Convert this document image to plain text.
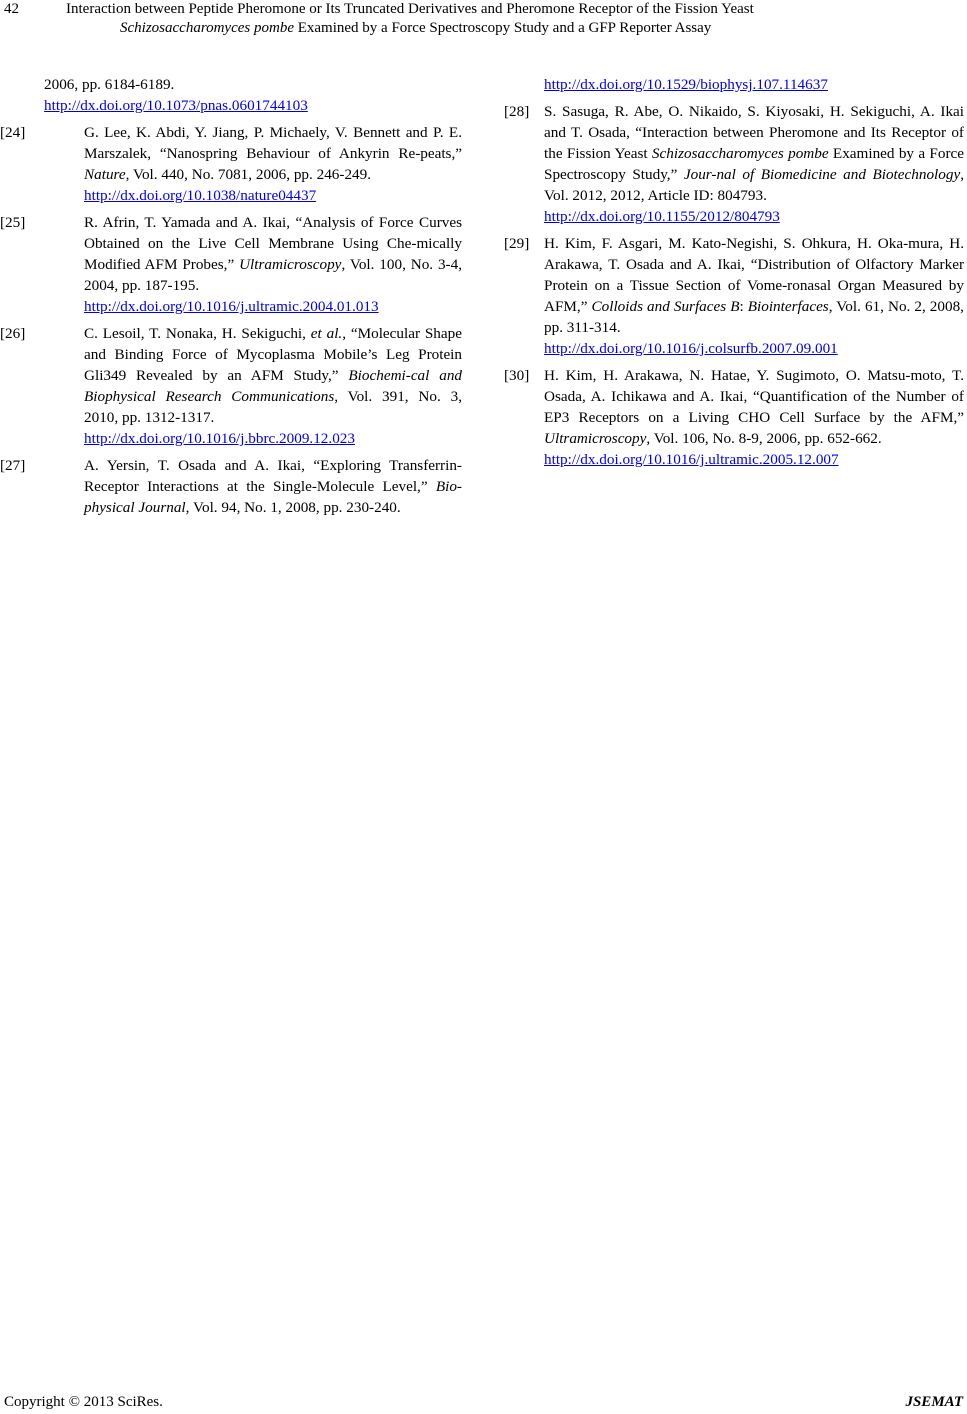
42	Interaction between Peptide Pheromone or Its Truncated Derivatives and Pheromone Receptor of the Fission Yeast
Schizosaccharomyces pombe Examined by a Force Spectroscopy Study and a GFP Reporter Assay
2006, pp. 6184-6189.
http://dx.doi.org/10.1073/pnas.0601744103
[24]	G. Lee, K. Abdi, Y. Jiang, P. Michaely, V. Bennett and P. E. Marszalek, “Nanospring Behaviour of Ankyrin Re-peats,” Nature, Vol. 440, No. 7081, 2006, pp. 246-249.
http://dx.doi.org/10.1038/nature04437
[25]	R. Afrin, T. Yamada and A. Ikai, “Analysis of Force Curves Obtained on the Live Cell Membrane Using Che-mically Modified AFM Probes,” Ultramicroscopy, Vol. 100, No. 3-4, 2004, pp. 187-195.
http://dx.doi.org/10.1016/j.ultramic.2004.01.013
[26]	C. Lesoil, T. Nonaka, H. Sekiguchi, et al., “Molecular Shape and Binding Force of Mycoplasma Mobile’s Leg Protein Gli349 Revealed by an AFM Study,” Biochemi-cal and Biophysical Research Communications, Vol. 391, No. 3, 2010, pp. 1312-1317.
http://dx.doi.org/10.1016/j.bbrc.2009.12.023
[27]	A. Yersin, T. Osada and A. Ikai, “Exploring Transferrin-Receptor Interactions at the Single-Molecule Level,” Bio-physical Journal, Vol. 94, No. 1, 2008, pp. 230-240.
http://dx.doi.org/10.1529/biophysj.107.114637
[28] S. Sasuga, R. Abe, O. Nikaido, S. Kiyosaki, H. Sekiguchi, A. Ikai and T. Osada, “Interaction between Pheromone and Its Receptor of the Fission Yeast Schizosaccharomyces pombe Examined by a Force Spectroscopy Study,” Jour-nal of Biomedicine and Biotechnology, Vol. 2012, 2012, Article ID: 804793.
http://dx.doi.org/10.1155/2012/804793
[29] H. Kim, F. Asgari, M. Kato-Negishi, S. Ohkura, H. Oka-mura, H. Arakawa, T. Osada and A. Ikai, “Distribution of Olfactory Marker Protein on a Tissue Section of Vome-ronasal Organ Measured by AFM,” Colloids and Surfaces B: Biointerfaces, Vol. 61, No. 2, 2008, pp. 311-314.
http://dx.doi.org/10.1016/j.colsurfb.2007.09.001
[30] H. Kim, H. Arakawa, N. Hatae, Y. Sugimoto, O. Matsu-moto, T. Osada, A. Ichikawa and A. Ikai, “Quantification of the Number of EP3 Receptors on a Living CHO Cell Surface by the AFM,” Ultramicroscopy, Vol. 106, No. 8-9, 2006, pp. 652-662.
http://dx.doi.org/10.1016/j.ultramic.2005.12.007
Copyright © 2013 SciRes.	JSEMAT
